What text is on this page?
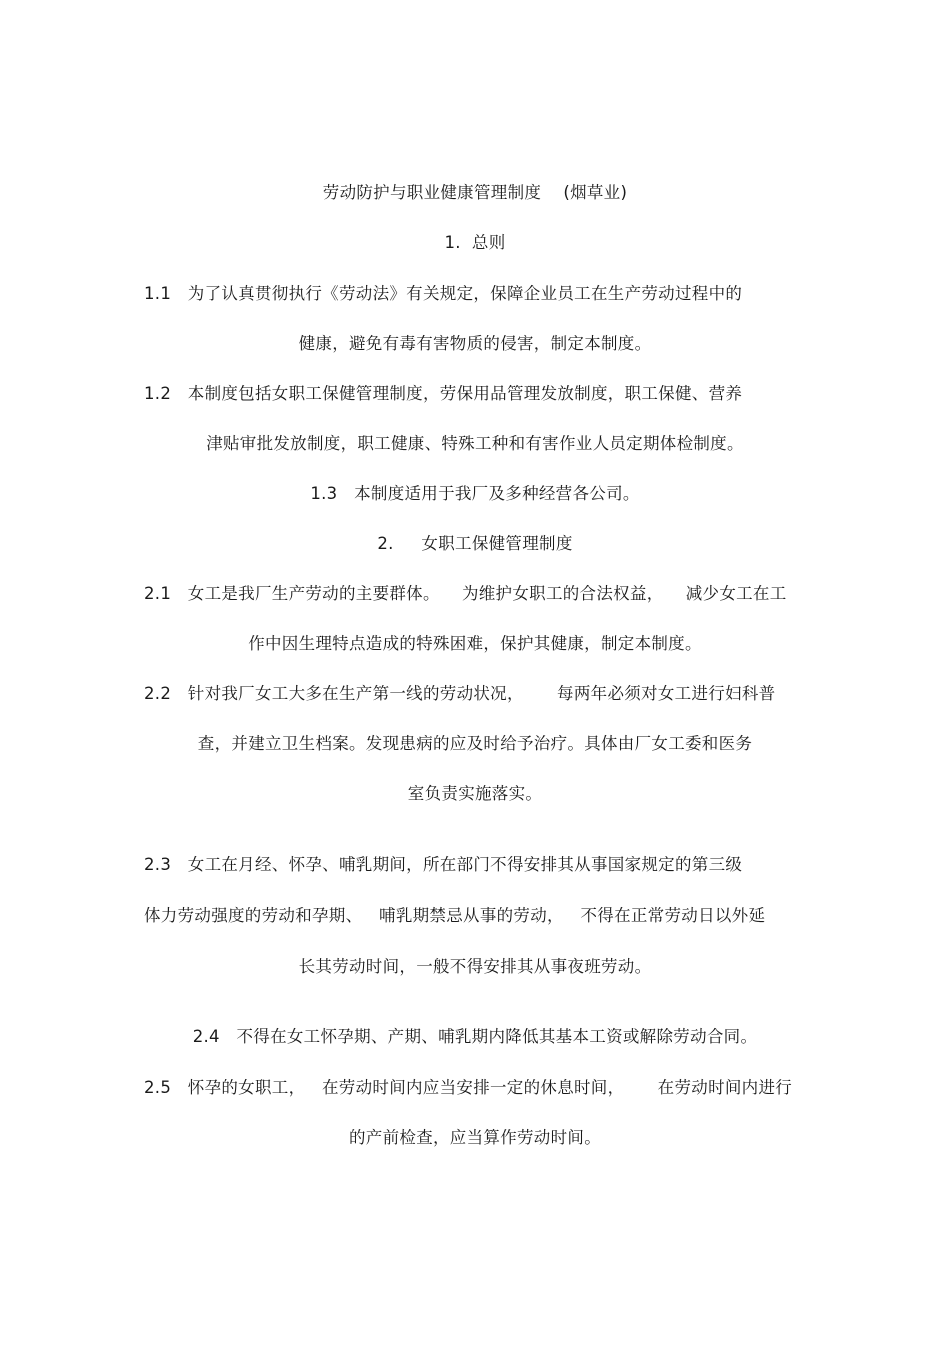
劳动防护与职业健康管理制度    (烟草业)
1.  总则
1.1   为了认真贯彻执行《劳动法》有关规定，保障企业员工在生产劳动过程中的
健康，避免有毒有害物质的侵害，制定本制度。
1.2   本制度包括女职工保健管理制度，劳保用品管理发放制度，职工保健、营养
津贴审批发放制度，职工健康、特殊工种和有害作业人员定期体检制度。
1.3   本制度适用于我厂及多种经营各公司。
2.     女职工保健管理制度
2.1   女工是我厂生产劳动的主要群体。    为维护女职工的合法权益，    减少女工在工
作中因生理特点造成的特殊困难，保护其健康，制定本制度。
2.2   针对我厂女工大多在生产第一线的劳动状况，      每两年必须对女工进行妇科普
查，并建立卫生档案。发现患病的应及时给予治疗。具体由厂女工委和医务
室负责实施落实。
2.3   女工在月经、怀孕、哺乳期间，所在部门不得安排其从事国家规定的第三级
体力劳动强度的劳动和孕期、   哺乳期禁忌从事的劳动，   不得在正常劳动日以外延
长其劳动时间，一般不得安排其从事夜班劳动。
2.4   不得在女工怀孕期、产期、哺乳期内降低其基本工资或解除劳动合同。
2.5   怀孕的女职工，   在劳动时间内应当安排一定的休息时间，      在劳动时间内进行
的产前检查，应当算作劳动时间。
